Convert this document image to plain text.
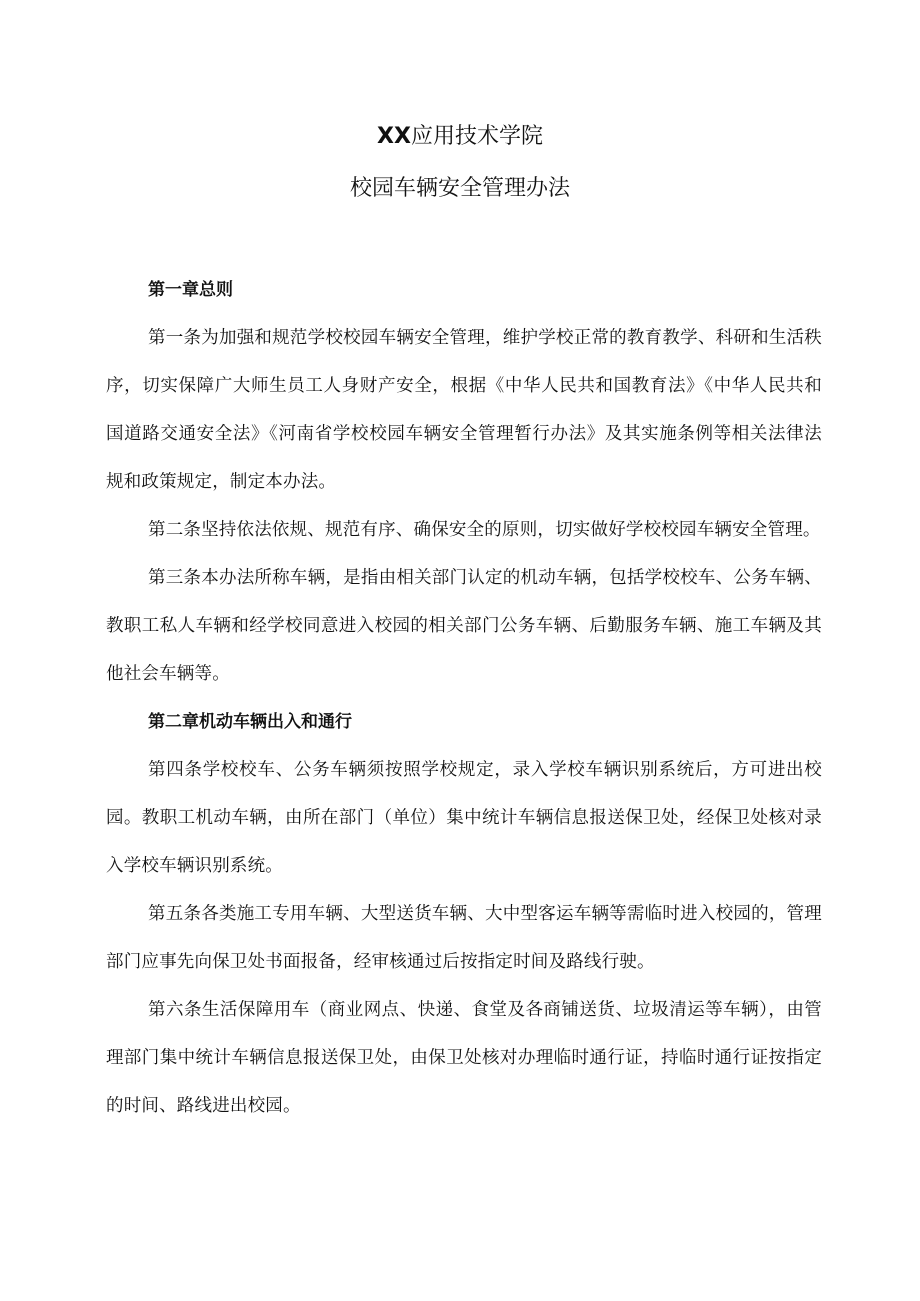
XX应用技术学院
校园车辆安全管理办法

第一章总则

第一条为加强和规范学校校园车辆安全管理，维护学校正常的教育教学、科研和生活秩序，切实保障广大师生员工人身财产安全，根据《中华人民共和国教育法》《中华人民共和国道路交通安全法》《河南省学校校园车辆安全管理暂行办法》及其实施条例等相关法律法规和政策规定，制定本办法。

第二条坚持依法依规、规范有序、确保安全的原则，切实做好学校校园车辆安全管理。

第三条本办法所称车辆，是指由相关部门认定的机动车辆，包括学校校车、公务车辆、教职工私人车辆和经学校同意进入校园的相关部门公务车辆、后勤服务车辆、施工车辆及其他社会车辆等。

第二章机动车辆出入和通行

第四条学校校车、公务车辆须按照学校规定，录入学校车辆识别系统后，方可进出校园。教职工机动车辆，由所在部门（单位）集中统计车辆信息报送保卫处，经保卫处核对录入学校车辆识别系统。

第五条各类施工专用车辆、大型送货车辆、大中型客运车辆等需临时进入校园的，管理部门应事先向保卫处书面报备，经审核通过后按指定时间及路线行驶。

第六条生活保障用车（商业网点、快递、食堂及各商铺送货、垃圾清运等车辆），由管理部门集中统计车辆信息报送保卫处，由保卫处核对办理临时通行证，持临时通行证按指定的时间、路线进出校园。
